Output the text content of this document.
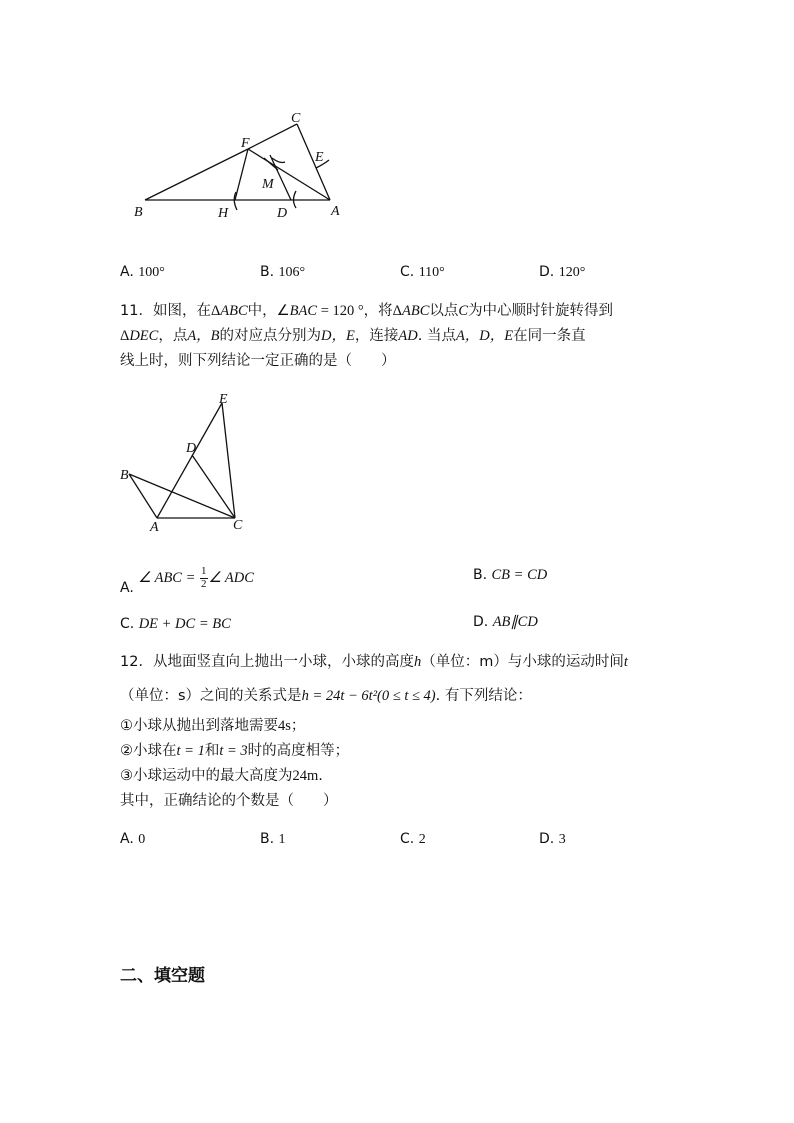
C
F
E
M
B	H	D	A
A. 100°	B. 106°	C. 110°	D. 120°
11．如图，在ΔABC中，∠BAC = 120 °，将ΔABC以点C为中心顺时针旋转得到
ΔDEC，点A，B的对应点分别为D，E，连接AD. 当点A，D，E在同一条直
线上时，则下列结论一定正确的是（　　）
E
D
B
A	C
A. ∠ ABC = $\frac{1}{2}$ ∠ ADC	B. CB = CD
C. DE + DC = BC	D. AB∥CD
12．从地面竖直向上抛出一小球，小球的高度h（单位：m）与小球的运动时间t
（单位：s）之间的关系式是h = 24t − 6t²(0 ≤ t ≤ 4). 有下列结论：
①小球从抛出到落地需要4s；
②小球在t = 1和t = 3时的高度相等；
③小球运动中的最大高度为24m.
其中，正确结论的个数是（　　）
A. 0	B. 1	C. 2	D. 3
二、填空题
